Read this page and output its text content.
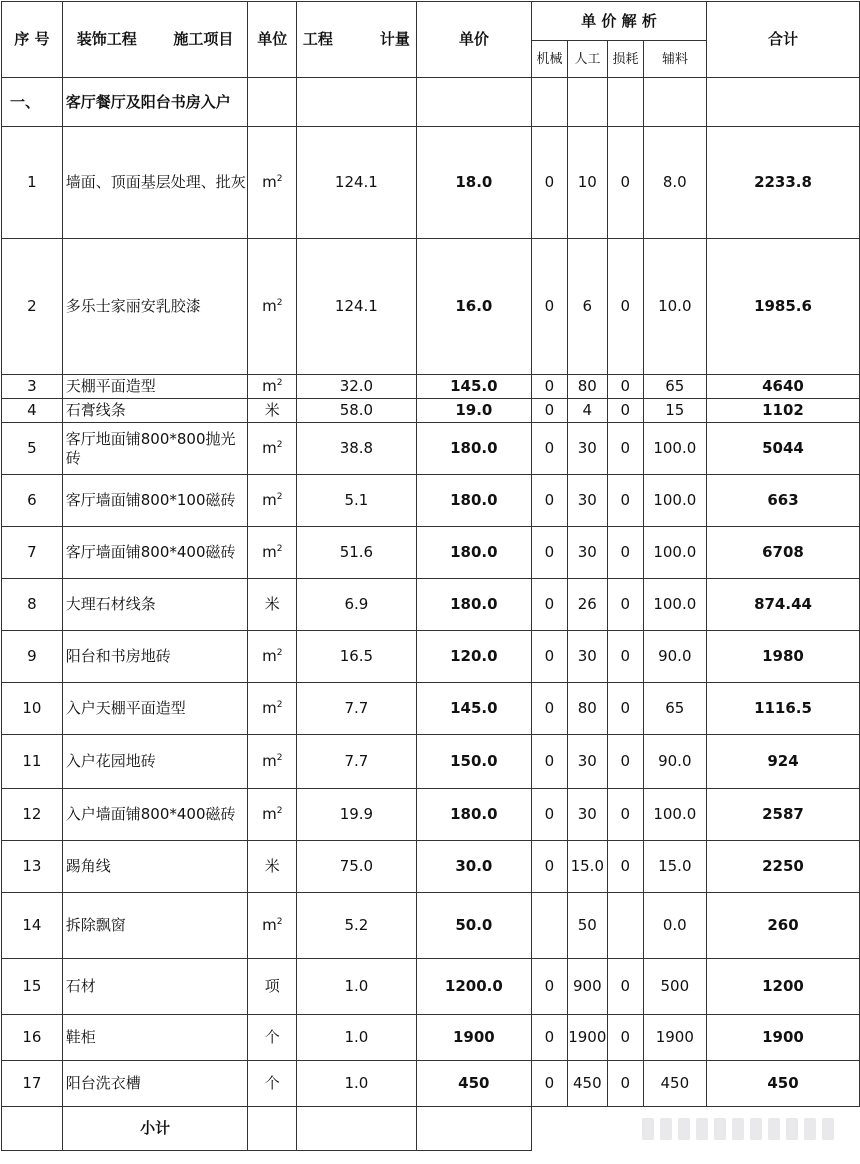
序 号	装饰工程 施工项目	单位	工程 计量	单价	单 价 解 析
机械 人工 损耗 辅料				合计
一、	客厅餐厅及阳台书房入户								
1	墙面、顶面基层处理、批灰	$m^2$	124.1	18.0	0	10	0	8.0	2233.8
2	多乐士家丽安乳胶漆	$m^2$	124.1	16.0	0	6	0	10.0	1985.6
3	天棚平面造型	$m^2$	32.0	145.0	0	80	0	65	4640
4	石膏线条	米	58.0	19.0	0	4	0	15	1102
5	客厅地面铺800*800抛光砖	$m^2$	38.8	180.0	0	30	0	100.0	5044
6	客厅墙面铺800*100磁砖	$m^2$	5.1	180.0	0	30	0	100.0	663
7	客厅墙面铺800*400磁砖	$m^2$	51.6	180.0	0	30	0	100.0	6708
8	大理石材线条	米	6.9	180.0	0	26	0	100.0	874.44
9	阳台和书房地砖	$m^2$	16.5	120.0	0	30	0	90.0	1980
10	入户天棚平面造型	$m^2$	7.7	145.0	0	80	0	65	1116.5
11	入户花园地砖	$m^2$	7.7	150.0	0	30	0	90.0	924
12	入户墙面铺800*400磁砖	$m^2$	19.9	180.0	0	30	0	100.0	2587
13	踢角线	米	75.0	30.0	0	15.0	0	15.0	2250
14	拆除飘窗	$m^2$	5.2	50.0		50		0.0	260
15	石材	项	1.0	1200.0	0	900	0	500	1200
16	鞋柜	个	1.0	1900	0	1900	0	1900	1900
17	阳台洗衣槽	个	1.0	450	0	450	0	450	450
	小计								
